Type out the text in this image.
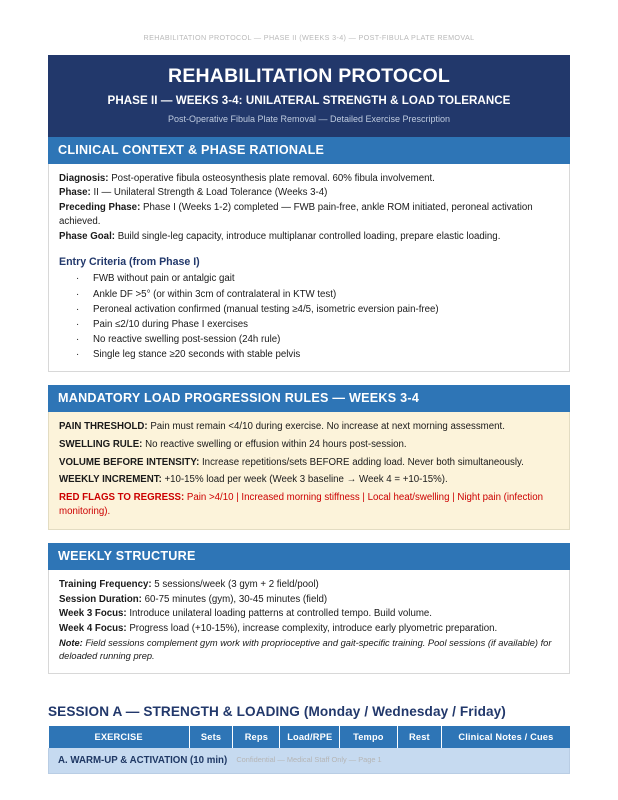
REHABILITATION PROTOCOL — PHASE II (WEEKS 3-4) — POST-FIBULA PLATE REMOVAL
REHABILITATION PROTOCOL
PHASE II — WEEKS 3-4: UNILATERAL STRENGTH & LOAD TOLERANCE
Post-Operative Fibula Plate Removal — Detailed Exercise Prescription
CLINICAL CONTEXT & PHASE RATIONALE

Diagnosis: Post-operative fibula osteosynthesis plate removal. 60% fibula involvement.

Phase: II — Unilateral Strength & Load Tolerance (Weeks 3-4)

Preceding Phase: Phase I (Weeks 1-2) completed — FWB pain-free, ankle ROM initiated, peroneal activation achieved.

Phase Goal: Build single-leg capacity, introduce multiplanar controlled loading, prepare elastic loading.

Entry Criteria (from Phase I)
· FWB without pain or antalgic gait
· Ankle DF >5° (or within 3cm of contralateral in KTW test)
· Peroneal activation confirmed (manual testing ≥4/5, isometric eversion pain-free)
· Pain ≤2/10 during Phase I exercises
· No reactive swelling post-session (24h rule)
· Single leg stance ≥20 seconds with stable pelvis
MANDATORY LOAD PROGRESSION RULES — WEEKS 3-4

PAIN THRESHOLD: Pain must remain <4/10 during exercise. No increase at next morning assessment.

SWELLING RULE: No reactive swelling or effusion within 24 hours post-session.

VOLUME BEFORE INTENSITY: Increase repetitions/sets BEFORE adding load. Never both simultaneously.

WEEKLY INCREMENT: +10-15% load per week (Week 3 baseline → Week 4 = +10-15%).

RED FLAGS TO REGRESS: Pain >4/10 | Increased morning stiffness | Local heat/swelling | Night pain (infection monitoring).

WEEKLY STRUCTURE

Training Frequency: 5 sessions/week (3 gym + 2 field/pool)

Session Duration: 60-75 minutes (gym), 30-45 minutes (field)

Week 3 Focus: Introduce unilateral loading patterns at controlled tempo. Build volume.

Week 4 Focus: Progress load (+10-15%), increase complexity, introduce early plyometric preparation.

Note: Field sessions complement gym work with proprioceptive and gait-specific training. Pool sessions (if available) for deloaded running prep.

SESSION A — STRENGTH & LOADING (Monday / Wednesday / Friday)
EXERCISE	Sets	Reps	Load/RPE	Tempo	Rest	Clinical Notes / Cues
A. WARM-UP & ACTIVATION (10 min)	Confidential — Medical Staff Only — Page 1
